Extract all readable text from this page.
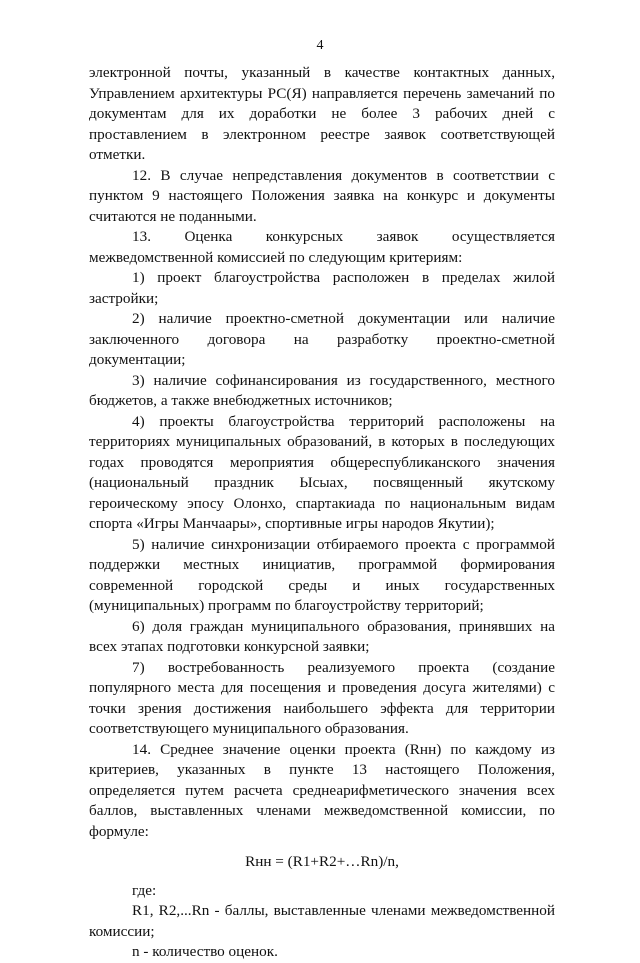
4

электронной почты, указанный в качестве контактных данных, Управлением архитектуры РС(Я) направляется перечень замечаний по документам для их доработки не более 3 рабочих дней с проставлением в электронном реестре заявок соответствующей отметки.

12. В случае непредставления документов в соответствии с пунктом 9 настоящего Положения заявка на конкурс и документы считаются не поданными.

13. Оценка конкурсных заявок осуществляется межведомственной комиссией по следующим критериям:

1) проект благоустройства расположен в пределах жилой застройки;

2) наличие проектно-сметной документации или наличие заключенного договора на разработку проектно-сметной документации;

3) наличие софинансирования из государственного, местного бюджетов, а также внебюджетных источников;

4) проекты благоустройства территорий расположены на территориях муниципальных образований, в которых в последующих годах проводятся мероприятия общереспубликанского значения (национальный праздник Ысыах, посвященный якутскому героическому эпосу Олонхо, спартакиада по национальным видам спорта «Игры Манчаары», спортивные игры народов Якутии);

5) наличие синхронизации отбираемого проекта с программой поддержки местных инициатив, программой формирования современной городской среды и иных государственных (муниципальных) программ по благоустройству территорий;

6) доля граждан муниципального образования, принявших на всех этапах подготовки конкурсной заявки;

7) востребованность реализуемого проекта (создание популярного места для посещения и проведения досуга жителями) с точки зрения достижения наибольшего эффекта для территории соответствующего муниципального образования.

14. Среднее значение оценки проекта (Rнн) по каждому из критериев, указанных в пункте 13 настоящего Положения, определяется путем расчета среднеарифметического значения всех баллов, выставленных членами межведомственной комиссии, по формуле:

Rнн = (R1+R2+…Rn)/n,

где:

R1, R2,...Rn - баллы, выставленные членами межведомственной комиссии;

n - количество оценок.
